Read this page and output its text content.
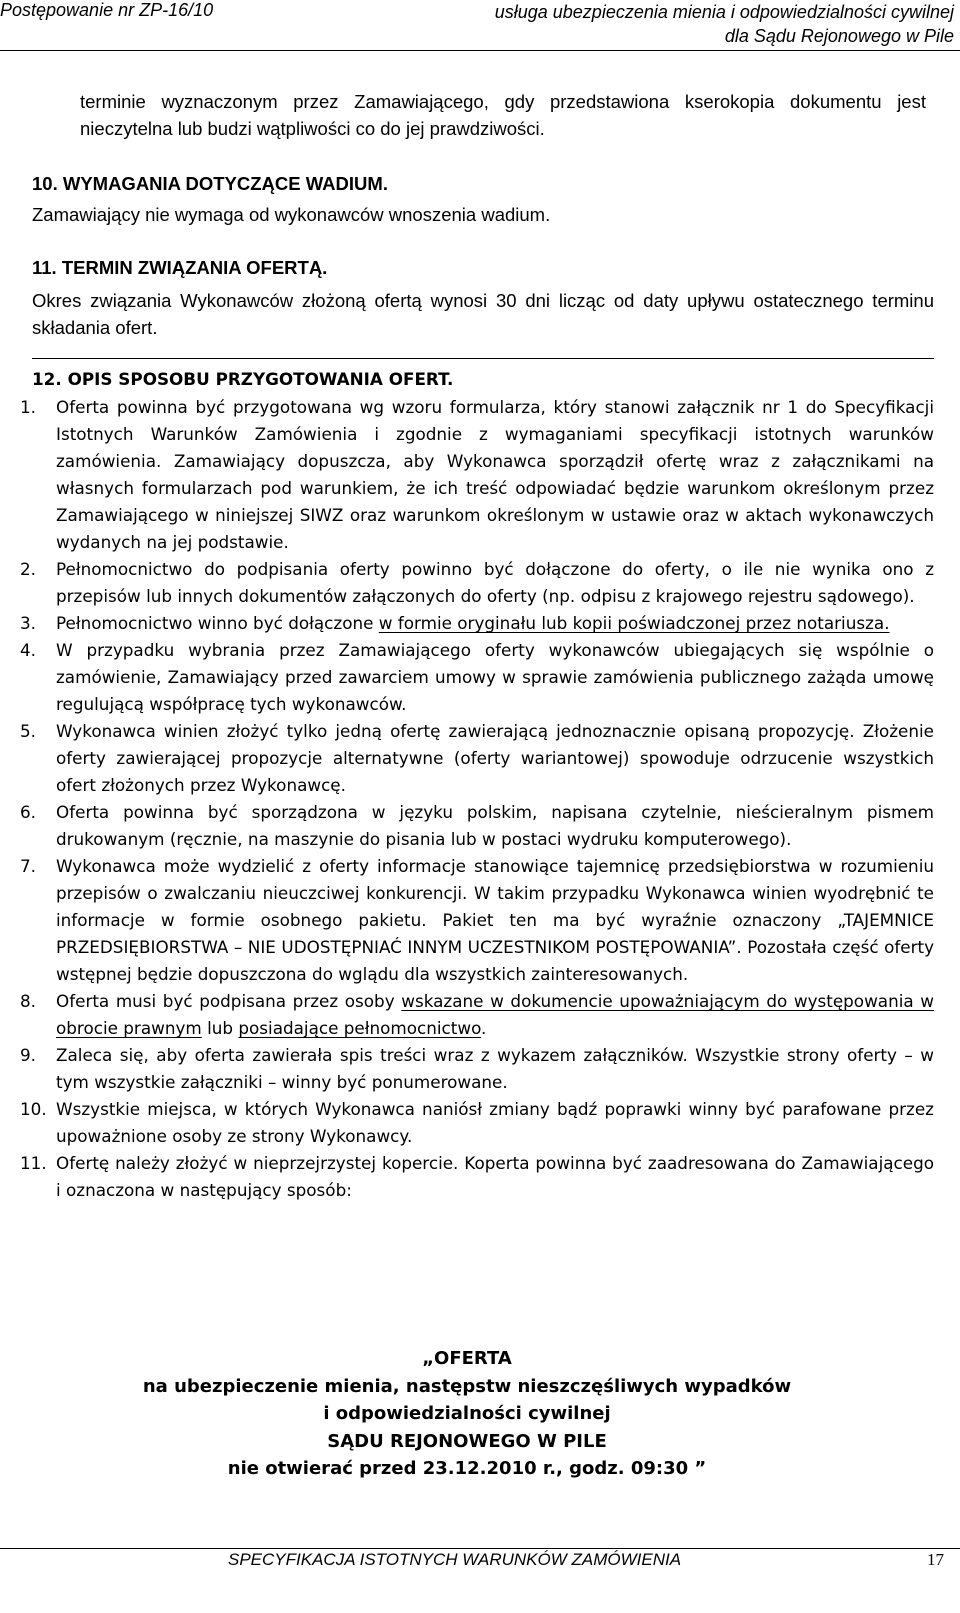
Postępowanie nr ZP-16/10	usługa ubezpieczenia mienia i odpowiedzialności cywilnej
dla Sądu Rejonowego w Pile
terminie wyznaczonym przez Zamawiającego, gdy przedstawiona kserokopia dokumentu jest nieczytelna lub budzi wątpliwości co do jej prawdziwości.
10. WYMAGANIA DOTYCZĄCE WADIUM.
Zamawiający nie wymaga od wykonawców wnoszenia wadium.
11. TERMIN ZWIĄZANIA OFERTĄ.
Okres związania Wykonawców złożoną ofertą wynosi 30 dni licząc od daty upływu ostatecznego terminu składania ofert.
12. OPIS SPOSOBU PRZYGOTOWANIA OFERT.
1. Oferta powinna być przygotowana wg wzoru formularza, który stanowi załącznik nr 1 do Specyfikacji Istotnych Warunków Zamówienia i zgodnie z wymaganiami specyfikacji istotnych warunków zamówienia. Zamawiający dopuszcza, aby Wykonawca sporządził ofertę wraz z załącznikami na własnych formularzach pod warunkiem, że ich treść odpowiadać będzie warunkom określonym przez Zamawiającego w niniejszej SIWZ oraz warunkom określonym w ustawie oraz w aktach wykonawczych wydanych na jej podstawie.
2. Pełnomocnictwo do podpisania oferty powinno być dołączone do oferty, o ile nie wynika ono z przepisów lub innych dokumentów załączonych do oferty (np. odpisu z krajowego rejestru sądowego).
3. Pełnomocnictwo winno być dołączone w formie oryginału lub kopii poświadczonej przez notariusza.
4. W przypadku wybrania przez Zamawiającego oferty wykonawców ubiegających się wspólnie o zamówienie, Zamawiający przed zawarciem umowy w sprawie zamówienia publicznego zażąda umowę regulującą współpracę tych wykonawców.
5. Wykonawca winien złożyć tylko jedną ofertę zawierającą jednoznacznie opisaną propozycję. Złożenie oferty zawierającej propozycje alternatywne (oferty wariantowej) spowoduje odrzucenie wszystkich ofert złożonych przez Wykonawcę.
6. Oferta powinna być sporządzona w języku polskim, napisana czytelnie, nieścieralnym pismem drukowanym (ręcznie, na maszynie do pisania lub w postaci wydruku komputerowego).
7. Wykonawca może wydzielić z oferty informacje stanowiące tajemnicę przedsiębiorstwa w rozumieniu przepisów o zwalczaniu nieuczciwej konkurencji. W takim przypadku Wykonawca winien wyodrębnić te informacje w formie osobnego pakietu. Pakiet ten ma być wyraźnie oznaczony „TAJEMNICE PRZEDSIĘBIORSTWA – NIE UDOSTĘPNIAĆ INNYM UCZESTNIKOM POSTĘPOWANIA”. Pozostała część oferty wstępnej będzie dopuszczona do wglądu dla wszystkich zainteresowanych.
8. Oferta musi być podpisana przez osoby wskazane w dokumencie upoważniającym do występowania w obrocie prawnym lub posiadające pełnomocnictwo.
9. Zaleca się, aby oferta zawierała spis treści wraz z wykazem załączników. Wszystkie strony oferty – w tym wszystkie załączniki – winny być ponumerowane.
10. Wszystkie miejsca, w których Wykonawca naniósł zmiany bądź poprawki winny być parafowane przez upoważnione osoby ze strony Wykonawcy.
11. Ofertę należy złożyć w nieprzejrzystej kopercie. Koperta powinna być zaadresowana do Zamawiającego i oznaczona w następujący sposób:
„OFERTA
na ubezpieczenie mienia, następstw nieszczęśliwych wypadków
i odpowiedzialności cywilnej
SĄDU REJONOWEGO W PILE
nie otwierać przed 23.12.2010 r., godz. 09:30 ”
SPECYFIKACJA ISTOTNYCH WARUNKÓW ZAMÓWIENIA	17
